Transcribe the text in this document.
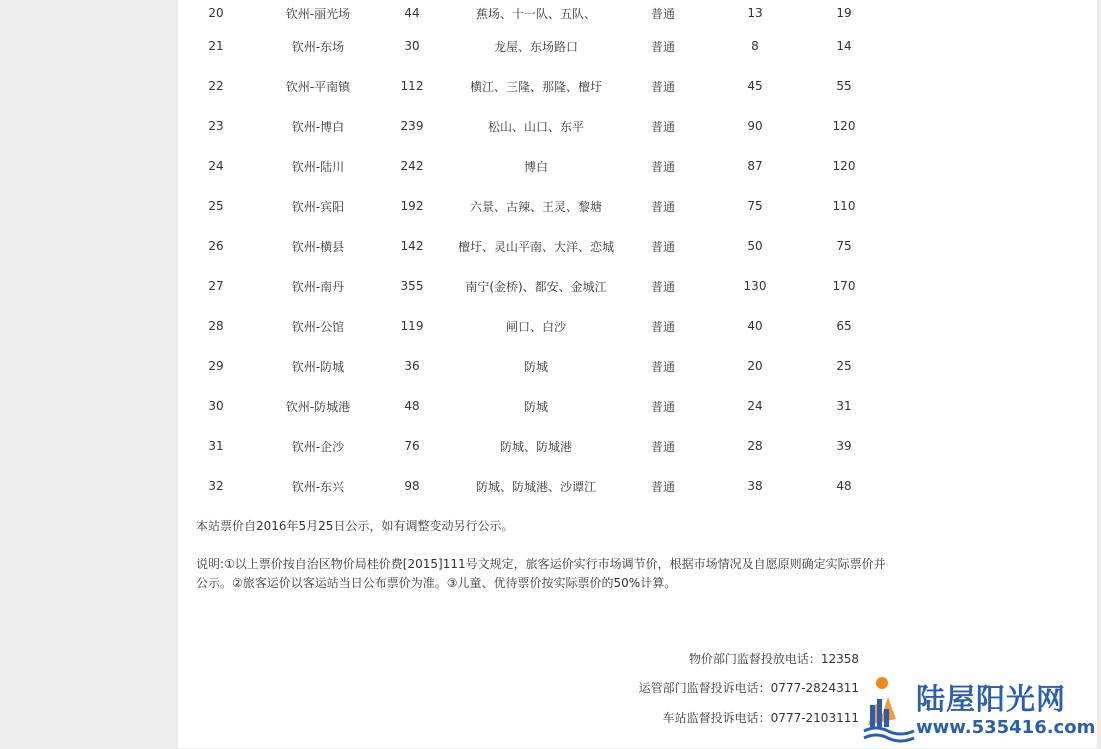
20	钦州-丽光场	44	蕉场、十一队、五队、	普通	13	19
21	钦州-东场	30	龙屋、东场路口	普通	8	14
22	钦州-平南镇	112	横江、三隆、那隆、檀圩	普通	45	55
23	钦州-博白	239	松山、山口、东平	普通	90	120
24	钦州-陆川	242	博白	普通	87	120
25	钦州-宾阳	192	六景、古辣、王灵、黎塘	普通	75	110
26	钦州-横县	142	檀圩、灵山平南、大洋、恋城	普通	50	75
27	钦州-南丹	355	南宁(金桥)、都安、金城江	普通	130	170
28	钦州-公馆	119	闸口、白沙	普通	40	65
29	钦州-防城	36	防城	普通	20	25
30	钦州-防城港	48	防城	普通	24	31
31	钦州-企沙	76	防城、防城港	普通	28	39
32	钦州-东兴	98	防城、防城港、沙谭江	普通	38	48
本站票价自2016年5月25日公示，如有调整变动另行公示。
说明:①以上票价按自治区物价局桂价费[2015]111号文规定，旅客运价实行市场调节价，根据市场情况及自愿原则确定实际票价并公示。②旅客运价以客运站当日公布票价为准。③儿童、优待票价按实际票价的50%计算。
物价部门监督投放电话：12358
运管部门监督投诉电话：0777-2824311
车站监督投诉电话：0777-2103111
陆屋阳光网
www.535416.com
